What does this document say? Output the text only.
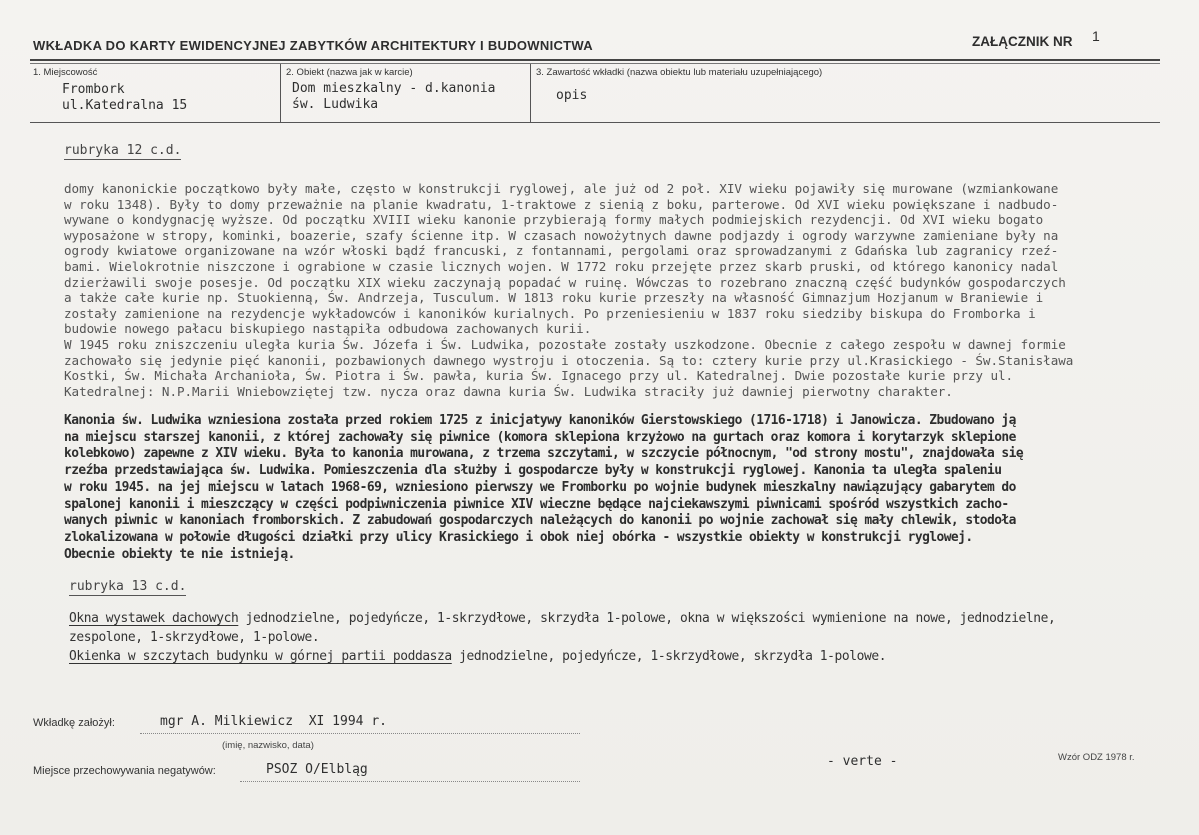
WKŁADKA DO KARTY EWIDENCYJNEJ ZABYTKÓW ARCHITEKTURY I BUDOWNICTWA	ZAŁĄCZNIK NR 1
1. Miejscowość
Frombork
ul.Katedralna 15
2. Obiekt (nazwa jak w karcie)
Dom mieszkalny - d.kanonia
św. Ludwika
3. Zawartość wkładki (nazwa obiektu lub materiału uzupełniającego)
opis
rubryka 12 c.d.
domy kanonickie początkowo były małe, często w konstrukcji ryglowej, ale już od 2 poł. XIV wieku pojawiły się murowane (wzmiankowane
w roku 1348). Były to domy przeważnie na planie kwadratu, 1-traktowe z sienią z boku, parterowe. Od XVI wieku powiększane i nadbudo-
wywane o kondygnację wyższe. Od początku XVIII wieku kanonie przybierają formy małych podmiejskich rezydencji. Od XVI wieku bogato
wyposażone w stropy, kominki, boazerie, szafy ścienne itp. W czasach nowożytnych dawne podjazdy i ogrody warzywne zamieniane były na
ogrody kwiatowe organizowane na wzór włoski bądź francuski, z fontannami, pergolami oraz sprowadzanymi z Gdańska lub zagranicy rzeź-
bami. Wielokrotnie niszczone i ograbione w czasie licznych wojen. W 1772 roku przejęte przez skarb pruski, od którego kanonicy nadal
dzierżawili swoje posesje. Od początku XIX wieku zaczynają popadać w ruinę. Wówczas to rozebrano znaczną część budynków gospodarczych
a także całe kurie np. Stuokienną, Św. Andrzeja, Tusculum. W 1813 roku kurie przeszły na własność Gimnazjum Hozjanum w Braniewie i
zostały zamienione na rezydencje wykładowców i kanoników kurialnych. Po przeniesieniu w 1837 roku siedziby biskupa do Fromborka i
budowie nowego pałacu biskupiego nastąpiła odbudowa zachowanych kurii.
W 1945 roku zniszczeniu uległa kuria Św. Józefa i Św. Ludwika, pozostałe zostały uszkodzone. Obecnie z całego zespołu w dawnej formie
zachowało się jedynie pięć kanonii, pozbawionych dawnego wystroju i otoczenia. Są to: cztery kurie przy ul.Krasickiego - Św.Stanisława
Kostki, Św. Michała Archanioła, Św. Piotra i Św. pawła, kuria Św. Ignacego przy ul. Katedralnej. Dwie pozostałe kurie przy ul.
Katedralnej: N.P.Marii Wniebowziętej tzw. nycza oraz dawna kuria Św. Ludwika straciły już dawniej pierwotny charakter.
Kanonia św. Ludwika wzniesiona została przed rokiem 1725 z inicjatywy kanoników Gierstowskiego (1716-1718) i Janowicza. Zbudowano ją
na miejscu starszej kanonii, z której zachowały się piwnice (komora sklepiona krzyżowo na gurtach oraz komora i korytarzyk sklepione
kolebkowo) zapewne z XIV wieku. Była to kanonia murowana, z trzema szczytami, w szczycie północnym, "od strony mostu", znajdowała się
rzeźba przedstawiająca św. Ludwika. Pomieszczenia dla służby i gospodarcze były w konstrukcji ryglowej. Kanonia ta uległa spaleniu
w roku 1945. na jej miejscu w latach 1968-69, wzniesiono pierwszy we Fromborku po wojnie budynek mieszkalny nawiązujący gabarytem do
spalonej kanonii i mieszczący w części podpiwniczenia piwnice XIV wieczne będące najciekawszymi piwnicami spośród wszystkich zacho-
wanych piwnic w kanoniach fromborskich. Z zabudowań gospodarczych należących do kanonii po wojnie zachował się mały chlewik, stodoła
zlokalizowana w połowie długości działki przy ulicy Krasickiego i obok niej obórka - wszystkie obiekty w konstrukcji ryglowej.
Obecnie obiekty te nie istnieją.
rubryka 13 c.d.
Okna wystawek dachowych jednodzielne, pojedyńcze, 1-skrzydłowe, skrzydła 1-polowe, okna w większości wymienione na nowe, jednodzielne,
zespolone, 1-skrzydłowe, 1-polowe.
Okienka w szczytach budynku w górnej partii poddasza jednodzielne, pojedyńcze, 1-skrzydłowe, skrzydła 1-polowe.
Wkładkę założył:	mgr A. Milkiewicz  XI 1994 r.
(imię, nazwisko, data)
Miejsce przechowywania negatywów:	PSOZ O/Elbląg
- verte -	Wzór ODZ 1978 r.
